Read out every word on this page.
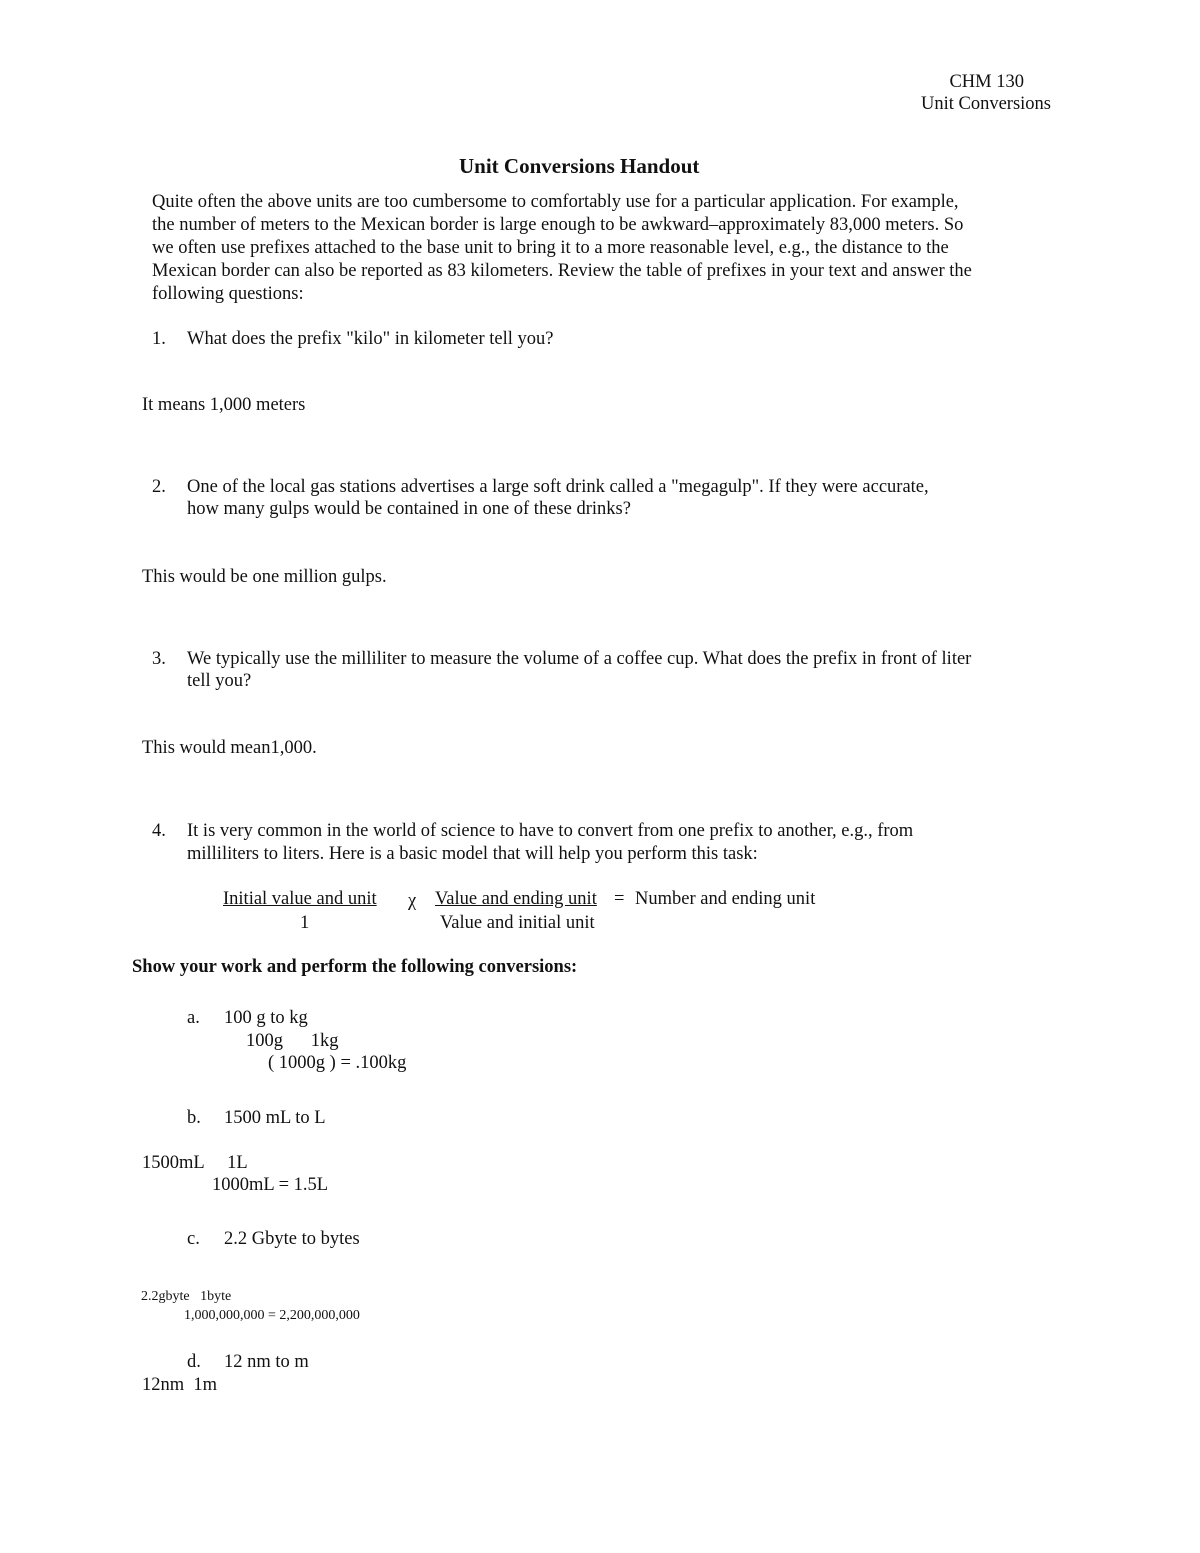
CHM 130
Unit Conversions
Unit Conversions Handout
Quite often the above units are too cumbersome to comfortably use for a particular application. For example,
the number of meters to the Mexican border is large enough to be awkward–approximately 83,000 meters. So
we often use prefixes attached to the base unit to bring it to a more reasonable level, e.g., the distance to the
Mexican border can also be reported as 83 kilometers. Review the table of prefixes in your text and answer the
following questions:
1. What does the prefix "kilo" in kilometer tell you?
It means 1,000 meters
2. One of the local gas stations advertises a large soft drink called a "megagulp". If they were accurate,
how many gulps would be contained in one of these drinks?
This would be one million gulps.
3. We typically use the milliliter to measure the volume of a coffee cup. What does the prefix in front of liter
tell you?
This would mean1,000.
4. It is very common in the world of science to have to convert from one prefix to another, e.g., from
milliliters to liters. Here is a basic model that will help you perform this task:
Initial value and unit
1
χ Value and ending unit = Number and ending unit
Value and initial unit
Show your work and perform the following conversions:
a. 100 g to kg
100g      1kg
( 1000g ) = .100kg
b. 1500 mL to L
1500mL     1L
1000mL = 1.5L
c. 2.2 Gbyte to bytes
2.2gbyte   1byte
1,000,000,000 = 2,200,000,000
d. 12 nm to m
12nm  1m
